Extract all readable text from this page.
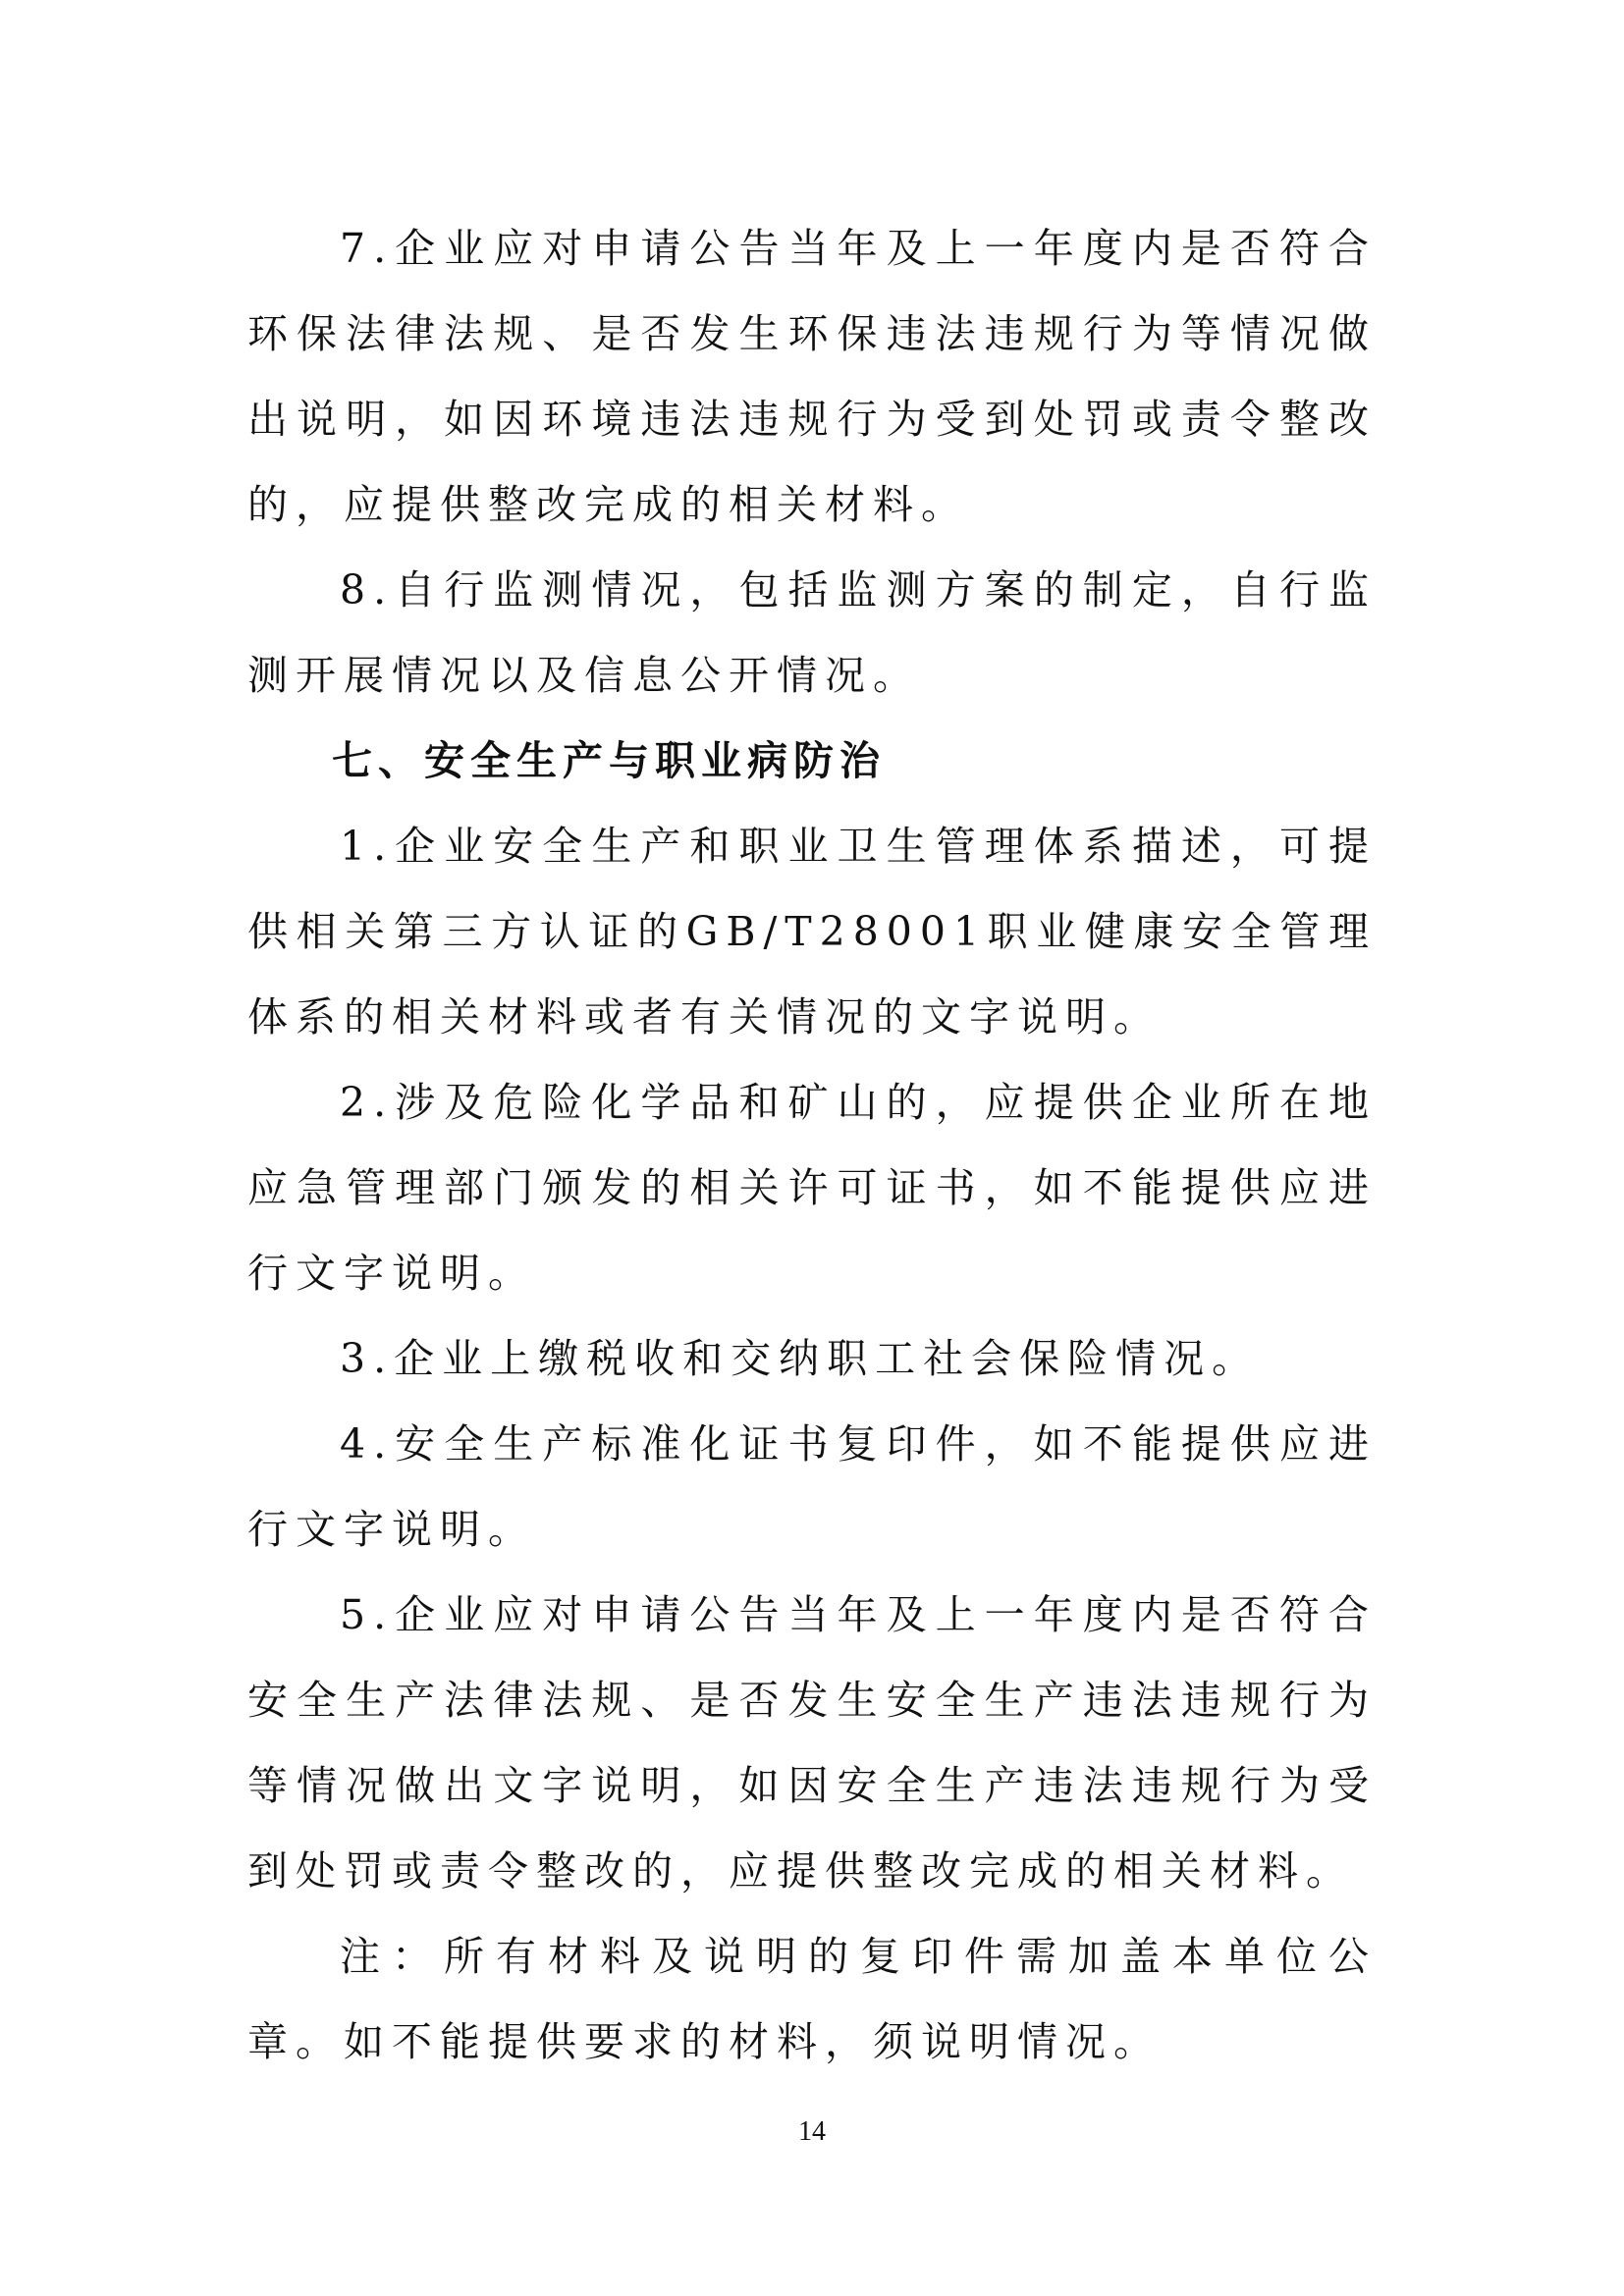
7.企业应对申请公告当年及上一年度内是否符合环保法律法规、是否发生环保违法违规行为等情况做出说明，如因环境违法违规行为受到处罚或责令整改的，应提供整改完成的相关材料。

8.自行监测情况，包括监测方案的制定，自行监测开展情况以及信息公开情况。

七、安全生产与职业病防治

1.企业安全生产和职业卫生管理体系描述，可提供相关第三方认证的GB/T28001职业健康安全管理体系的相关材料或者有关情况的文字说明。

2.涉及危险化学品和矿山的，应提供企业所在地应急管理部门颁发的相关许可证书，如不能提供应进行文字说明。

3.企业上缴税收和交纳职工社会保险情况。

4.安全生产标准化证书复印件，如不能提供应进行文字说明。

5.企业应对申请公告当年及上一年度内是否符合安全生产法律法规、是否发生安全生产违法违规行为等情况做出文字说明，如因安全生产违法违规行为受到处罚或责令整改的，应提供整改完成的相关材料。

注：所有材料及说明的复印件需加盖本单位公章。如不能提供要求的材料，须说明情况。

14
